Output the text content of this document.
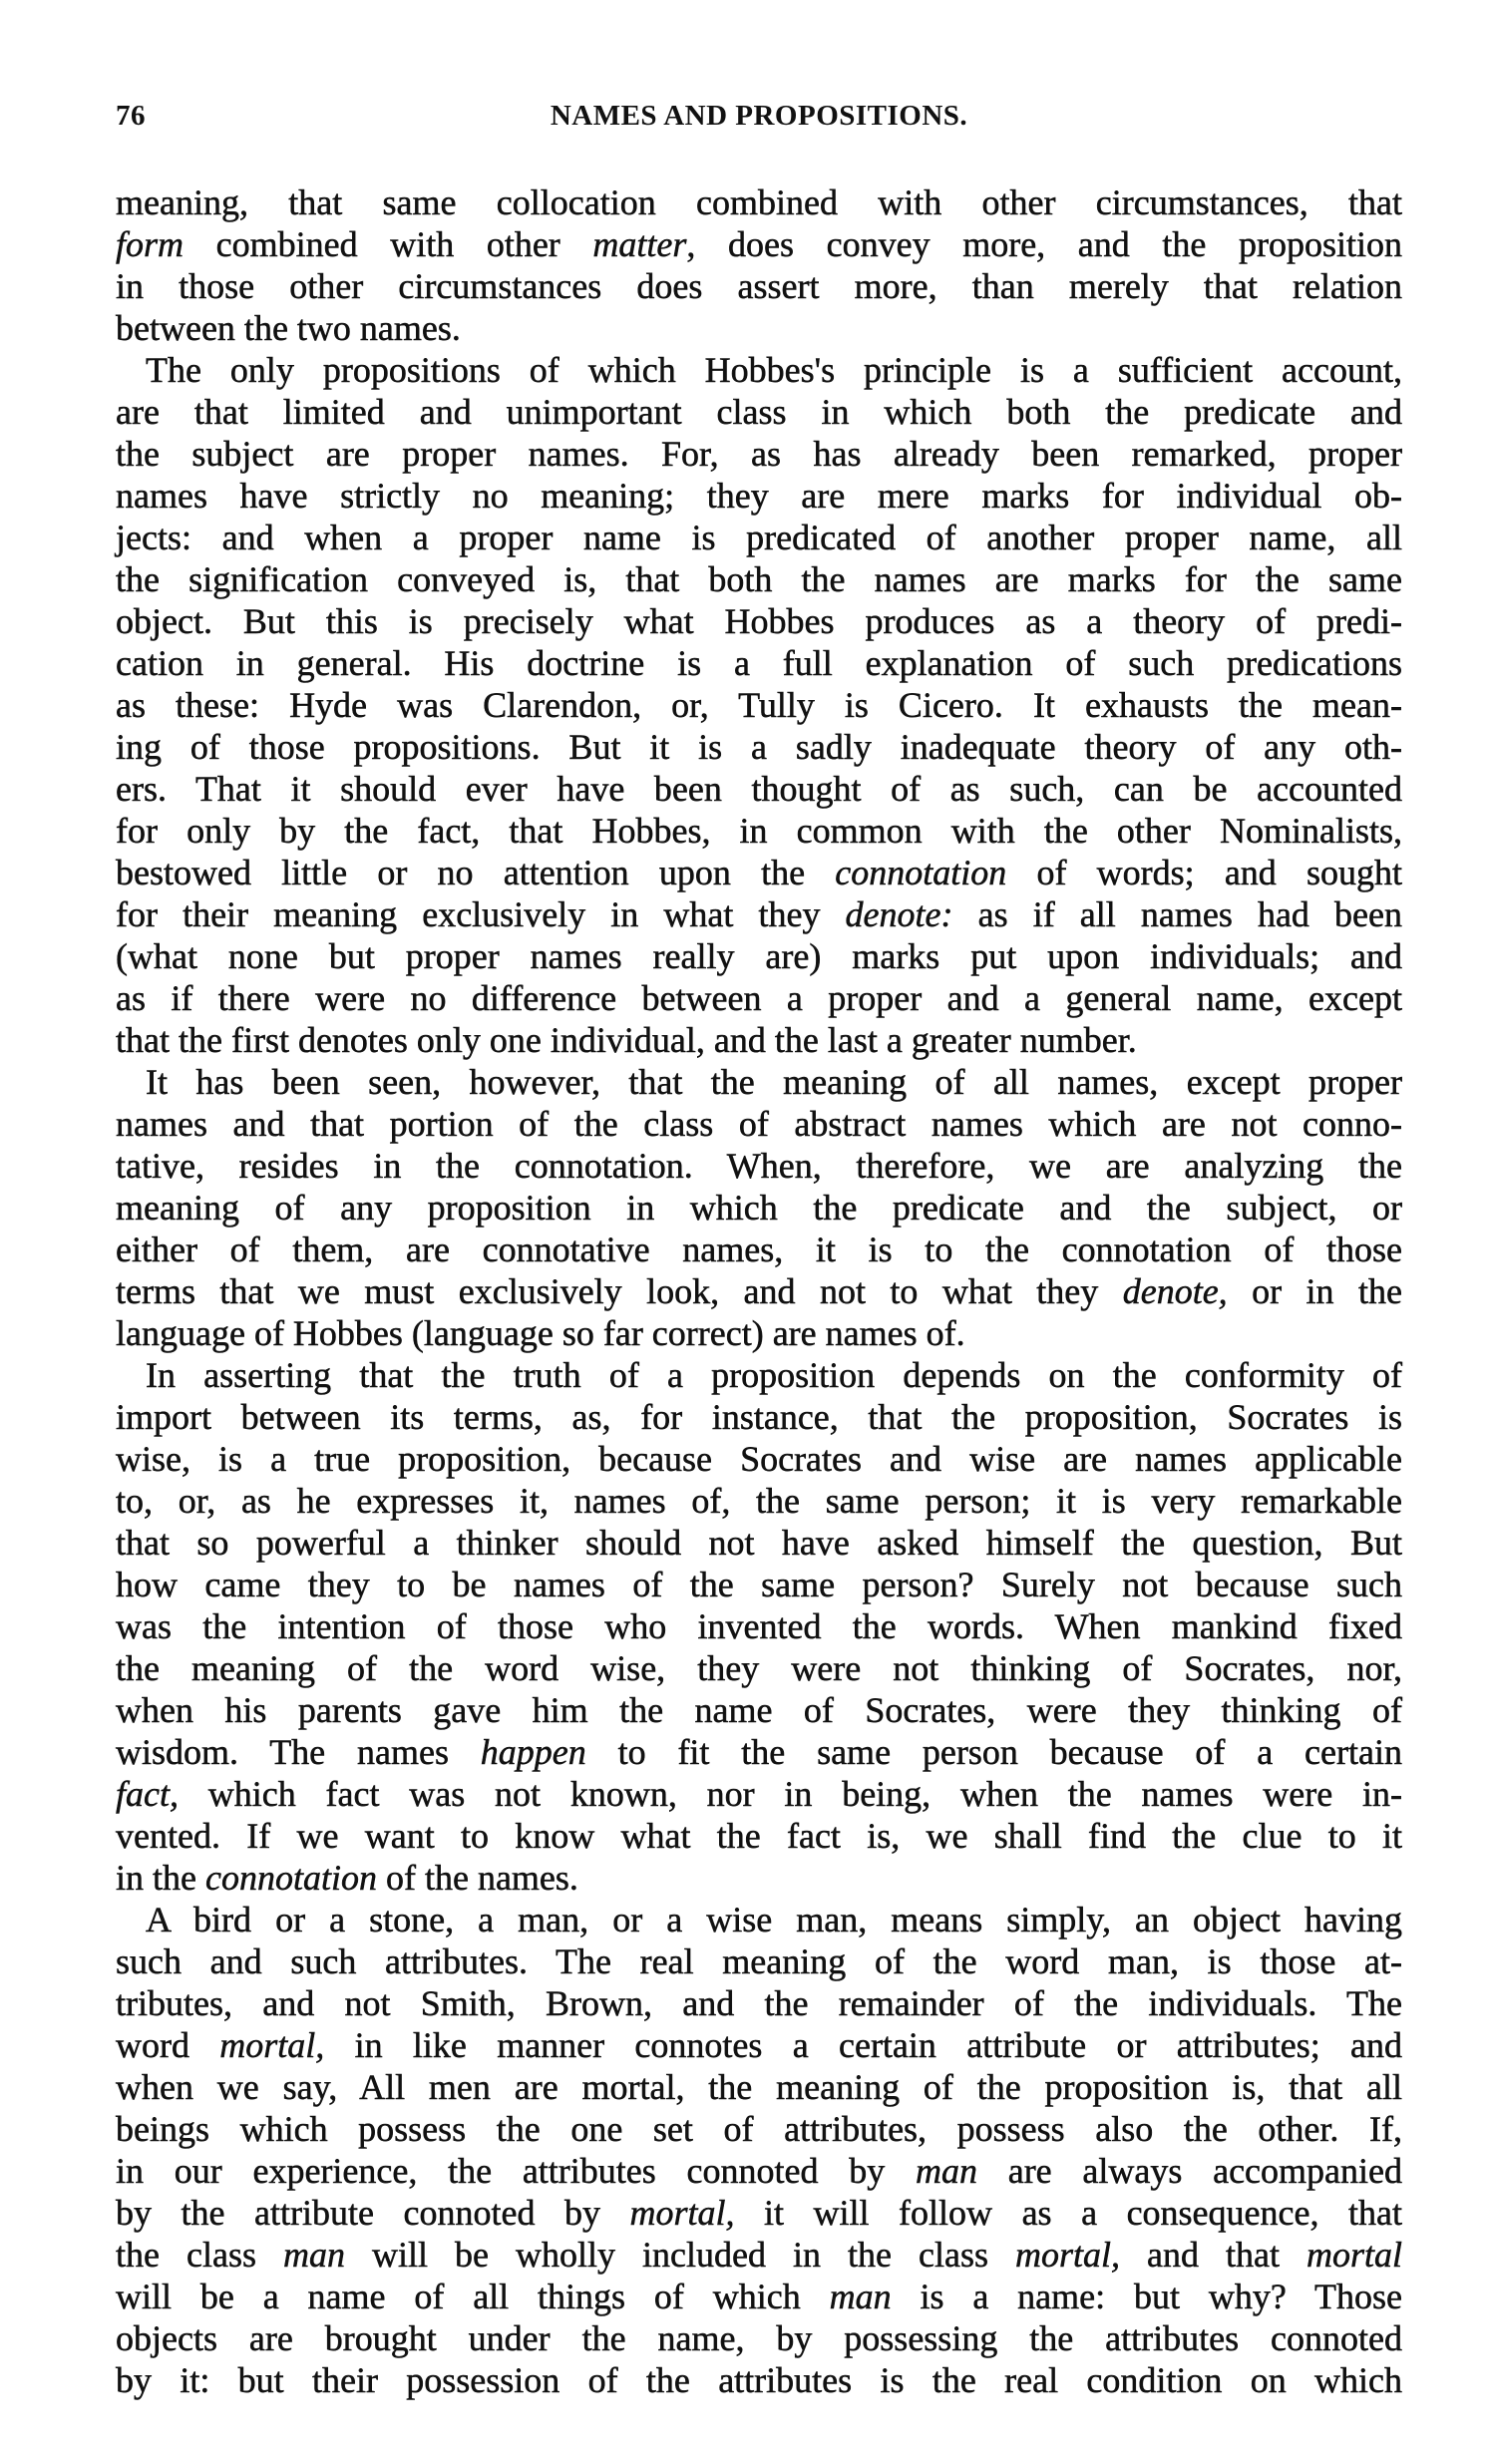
76	NAMES AND PROPOSITIONS.
meaning, that same collocation combined with other circumstances, that
form combined with other matter, does convey more, and the proposition
in those other circumstances does assert more, than merely that relation
between the two names.
The only propositions of which Hobbes's principle is a sufficient account,
are that limited and unimportant class in which both the predicate and
the subject are proper names. For, as has already been remarked, proper
names have strictly no meaning; they are mere marks for individual ob-
jects: and when a proper name is predicated of another proper name, all
the signification conveyed is, that both the names are marks for the same
object. But this is precisely what Hobbes produces as a theory of predi-
cation in general. His doctrine is a full explanation of such predications
as these: Hyde was Clarendon, or, Tully is Cicero. It exhausts the mean-
ing of those propositions. But it is a sadly inadequate theory of any oth-
ers. That it should ever have been thought of as such, can be accounted
for only by the fact, that Hobbes, in common with the other Nominalists,
bestowed little or no attention upon the connotation of words; and sought
for their meaning exclusively in what they denote: as if all names had been
(what none but proper names really are) marks put upon individuals; and
as if there were no difference between a proper and a general name, except
that the first denotes only one individual, and the last a greater number.
It has been seen, however, that the meaning of all names, except proper
names and that portion of the class of abstract names which are not conno-
tative, resides in the connotation. When, therefore, we are analyzing the
meaning of any proposition in which the predicate and the subject, or
either of them, are connotative names, it is to the connotation of those
terms that we must exclusively look, and not to what they denote, or in the
language of Hobbes (language so far correct) are names of.
In asserting that the truth of a proposition depends on the conformity of
import between its terms, as, for instance, that the proposition, Socrates is
wise, is a true proposition, because Socrates and wise are names applicable
to, or, as he expresses it, names of, the same person; it is very remarkable
that so powerful a thinker should not have asked himself the question, But
how came they to be names of the same person? Surely not because such
was the intention of those who invented the words. When mankind fixed
the meaning of the word wise, they were not thinking of Socrates, nor,
when his parents gave him the name of Socrates, were they thinking of
wisdom. The names happen to fit the same person because of a certain
fact, which fact was not known, nor in being, when the names were in-
vented. If we want to know what the fact is, we shall find the clue to it
in the connotation of the names.
A bird or a stone, a man, or a wise man, means simply, an object having
such and such attributes. The real meaning of the word man, is those at-
tributes, and not Smith, Brown, and the remainder of the individuals. The
word mortal, in like manner connotes a certain attribute or attributes; and
when we say, All men are mortal, the meaning of the proposition is, that all
beings which possess the one set of attributes, possess also the other. If,
in our experience, the attributes connoted by man are always accompanied
by the attribute connoted by mortal, it will follow as a consequence, that
the class man will be wholly included in the class mortal, and that mortal
will be a name of all things of which man is a name: but why? Those
objects are brought under the name, by possessing the attributes connoted
by it: but their possession of the attributes is the real condition on which
